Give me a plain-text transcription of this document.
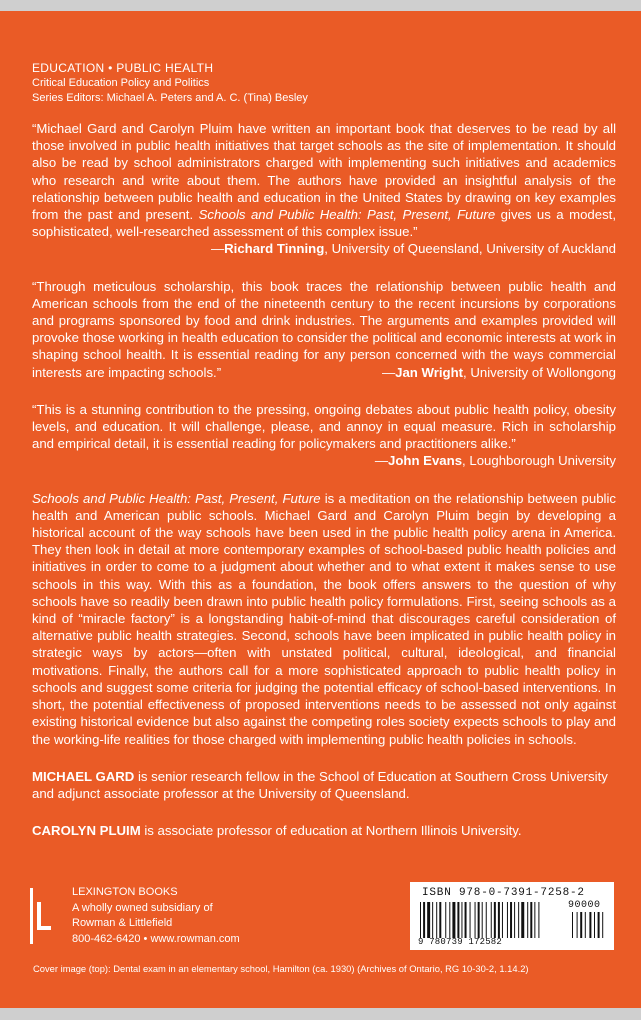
EDUCATION • PUBLIC HEALTH

Critical Education Policy and Politics

Series Editors: Michael A. Peters and A. C. (Tina) Besley

“Michael Gard and Carolyn Pluim have written an important book that deserves to be read by all those involved in public health initiatives that target schools as the site of implementation. It should also be read by school administrators charged with implementing such initiatives and academics who research and write about them. The authors have provided an insightful analysis of the relationship between public health and education in the United States by drawing on key examples from the past and present. Schools and Public Health: Past, Present, Future gives us a modest, sophisticated, well-researched assessment of this complex issue.”
—Richard Tinning, University of Queensland, University of Auckland

“Through meticulous scholarship, this book traces the relationship between public health and American schools from the end of the nineteenth century to the recent incursions by corporations and programs sponsored by food and drink industries. The arguments and examples provided will provoke those working in health education to consider the political and economic interests at work in shaping school health. It is essential reading for any person concerned with the ways commercial interests are impacting schools.”	—Jan Wright, University of Wollongong

“This is a stunning contribution to the pressing, ongoing debates about public health policy, obesity levels, and education. It will challenge, please, and annoy in equal measure. Rich in scholarship and empirical detail, it is essential reading for policymakers and practitioners alike.”
—John Evans, Loughborough University

Schools and Public Health: Past, Present, Future is a meditation on the relationship between public health and American public schools. Michael Gard and Carolyn Pluim begin by developing a historical account of the way schools have been used in the public health policy arena in America. They then look in detail at more contemporary examples of school-based public health policies and initiatives in order to come to a judgment about whether and to what extent it makes sense to use schools in this way. With this as a foundation, the book offers answers to the question of why schools have so readily been drawn into public health policy formulations. First, seeing schools as a kind of “miracle factory” is a longstanding habit-of-mind that discourages careful consideration of alternative public health strategies. Second, schools have been implicated in public health policy in strategic ways by actors—often with unstated political, cultural, ideological, and financial motivations. Finally, the authors call for a more sophisticated approach to public health policy in schools and suggest some criteria for judging the potential efficacy of school-based interventions. In short, the potential effectiveness of proposed interventions needs to be assessed not only against existing historical evidence but also against the competing roles society expects schools to play and the working-life realities for those charged with implementing public health policies in schools.

MICHAEL GARD is senior research fellow in the School of Education at Southern Cross University and adjunct associate professor at the University of Queensland.

CAROLYN PLUIM is associate professor of education at Northern Illinois University.

LEXINGTON BOOKS
A wholly owned subsidiary of
Rowman & Littlefield
800-462-6420 • www.rowman.com
ISBN 978-0-7391-7258-2
90000
9 780739 172582
Cover image (top): Dental exam in an elementary school, Hamilton (ca. 1930) (Archives of Ontario, RG 10-30-2, 1.14.2)
